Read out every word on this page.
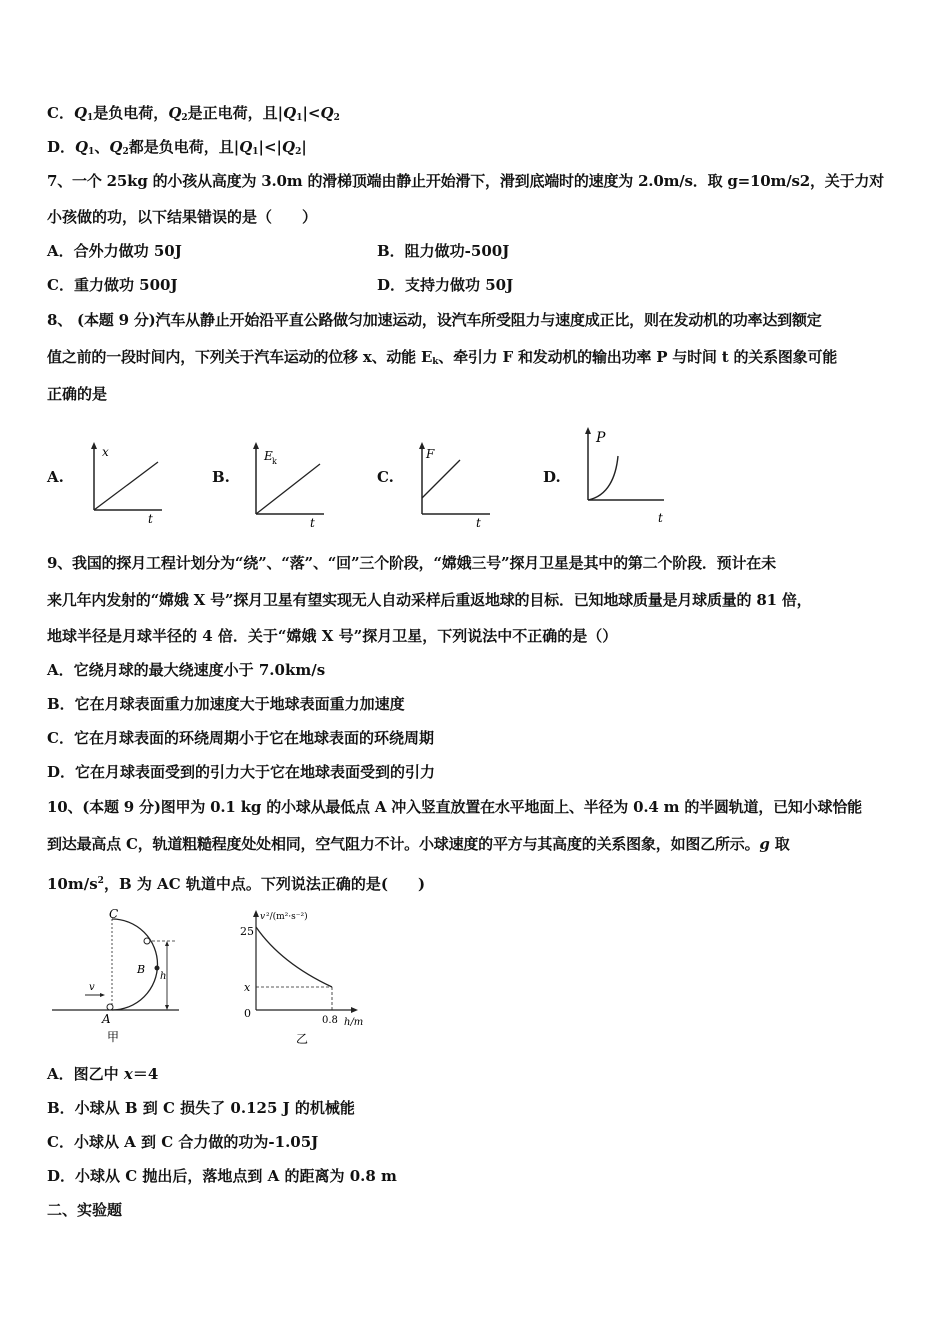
C．$Q_1$是负电荷，$Q_2$是正电荷，且$|Q_1|<Q_2$
D．$Q_1$、$Q_2$都是负电荷，且$|Q_1|<|Q_2|$
7、一个 25kg 的小孩从高度为 3.0m 的滑梯顶端由静止开始滑下，滑到底端时的速度为 2.0m/s．取 g=10m/s2，关于力对
小孩做的功，以下结果错误的是（　　）
A．合外力做功 50J	B．阻力做功-500J
C．重力做功 500J	D．支持力做功 50J
8、 (本题 9 分)汽车从静止开始沿平直公路做匀加速运动，设汽车所受阻力与速度成正比，则在发动机的功率达到额定
值之前的一段时间内，下列关于汽车运动的位移 x、动能 $E_k$、牵引力 F 和发动机的输出功率 P 与时间 t 的关系图象可能
正确的是
A.
x
t
B.
E k
t
C.
F
t
D.
P
t
9、我国的探月工程计划分为“绕”、“落”、“回”三个阶段，“嫦娥三号”探月卫星是其中的第二个阶段．预计在未
来几年内发射的“嫦娥 X 号”探月卫星有望实现无人自动采样后重返地球的目标．已知地球质量是月球质量的 81 倍，
地球半径是月球半径的 4 倍．关于“嫦娥 X 号”探月卫星，下列说法中不正确的是（）
A．它绕月球的最大绕速度小于 7.0km/s
B．它在月球表面重力加速度大于地球表面重力加速度
C．它在月球表面的环绕周期小于它在地球表面的环绕周期
D．它在月球表面受到的引力大于它在地球表面受到的引力
10、(本题 9 分)图甲为 0.1 kg 的小球从最低点 A 冲入竖直放置在水平地面上、半径为 0.4 m 的半圆轨道，已知小球恰能
到达最高点 C，轨道粗糙程度处处相同，空气阻力不计。小球速度的平方与其高度的关系图象，如图乙所示。g 取
$10m/s^2$，B 为 AC 轨道中点。下列说法正确的是(　　)
C
B
A
v
h
甲
v ²/(m²·s⁻²)
25
x
0
0.8 h/m
乙
A．图乙中 x＝4
B．小球从 B 到 C 损失了 0.125 J 的机械能
C．小球从 A 到 C 合力做的功为-1.05J
D．小球从 C 抛出后，落地点到 A 的距离为 0.8 m
二、实验题
